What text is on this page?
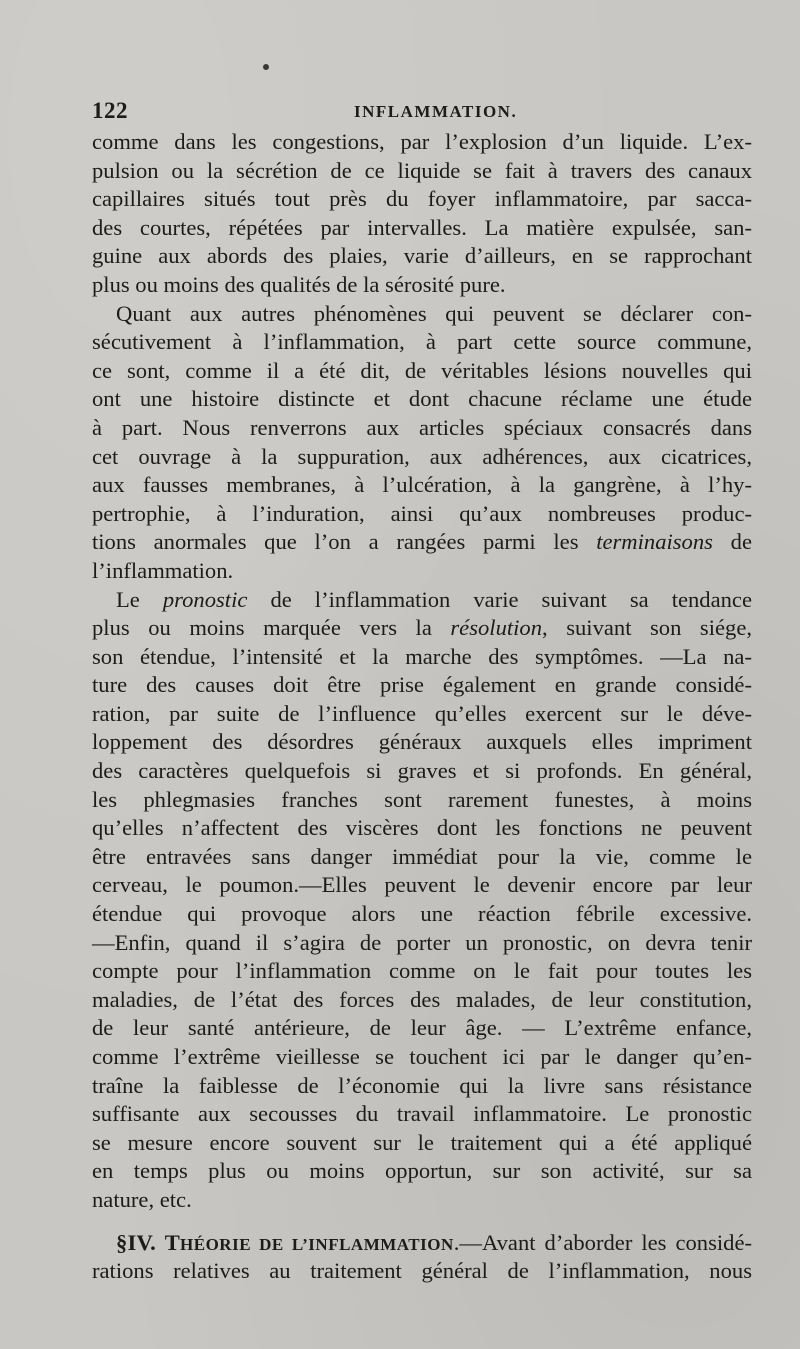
122	INFLAMMATION.
comme dans les congestions, par l’explosion d’un liquide. L’ex-
pulsion ou la sécrétion de ce liquide se fait à travers des canaux
capillaires situés tout près du foyer inflammatoire, par sacca-
des courtes, répétées par intervalles. La matière expulsée, san-
guine aux abords des plaies, varie d’ailleurs, en se rapprochant
plus ou moins des qualités de la sérosité pure.
Quant aux autres phénomènes qui peuvent se déclarer con-
sécutivement à l’inflammation, à part cette source commune,
ce sont, comme il a été dit, de véritables lésions nouvelles qui
ont une histoire distincte et dont chacune réclame une étude
à part. Nous renverrons aux articles spéciaux consacrés dans
cet ouvrage à la suppuration, aux adhérences, aux cicatrices,
aux fausses membranes, à l’ulcération, à la gangrène, à l’hy-
pertrophie, à l’induration, ainsi qu’aux nombreuses produc-
tions anormales que l’on a rangées parmi les terminaisons de
l’inflammation.
Le pronostic de l’inflammation varie suivant sa tendance
plus ou moins marquée vers la résolution, suivant son siége,
son étendue, l’intensité et la marche des symptômes. —La na-
ture des causes doit être prise également en grande considé-
ration, par suite de l’influence qu’elles exercent sur le déve-
loppement des désordres généraux auxquels elles impriment
des caractères quelquefois si graves et si profonds. En général,
les phlegmasies franches sont rarement funestes, à moins
qu’elles n’affectent des viscères dont les fonctions ne peuvent
être entravées sans danger immédiat pour la vie, comme le
cerveau, le poumon.—Elles peuvent le devenir encore par leur
étendue qui provoque alors une réaction fébrile excessive.
—Enfin, quand il s’agira de porter un pronostic, on devra tenir
compte pour l’inflammation comme on le fait pour toutes les
maladies, de l’état des forces des malades, de leur constitution,
de leur santé antérieure, de leur âge. — L’extrême enfance,
comme l’extrême vieillesse se touchent ici par le danger qu’en-
traîne la faiblesse de l’économie qui la livre sans résistance
suffisante aux secousses du travail inflammatoire. Le pronostic
se mesure encore souvent sur le traitement qui a été appliqué
en temps plus ou moins opportun, sur son activité, sur sa
nature, etc.
§IV. THÉORIE DE L’INFLAMMATION.—Avant d’aborder les considé-
rations relatives au traitement général de l’inflammation, nous
